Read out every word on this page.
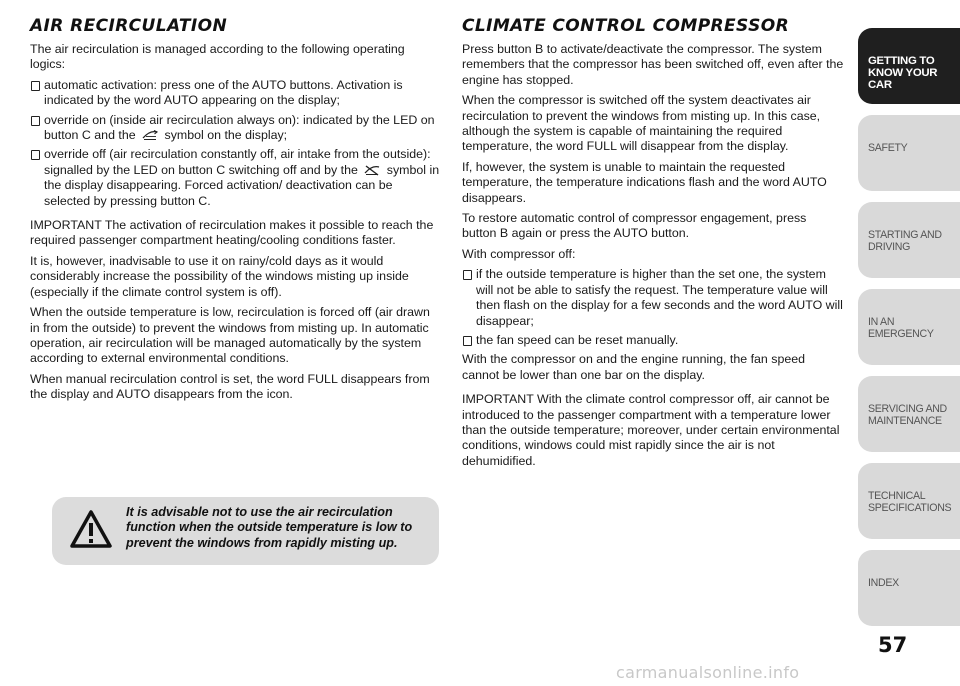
AIR RECIRCULATION

The air recirculation is managed according to the following operating logics:

automatic activation: press one of the AUTO buttons. Activation is indicated by the word AUTO appearing on the display;
override on (inside air recirculation always on): indicated by the LED on button C and the symbol on the display;
override off (air recirculation constantly off, air intake from the outside): signalled by the LED on button C switching off and by the symbol in the display disappearing. Forced activation/ deactivation can be selected by pressing button C.

IMPORTANT The activation of recirculation makes it possible to reach the required passenger compartment heating/cooling conditions faster.

It is, however, inadvisable to use it on rainy/cold days as it would considerably increase the possibility of the windows misting up inside (especially if the climate control system is off).

When the outside temperature is low, recirculation is forced off (air drawn in from the outside) to prevent the windows from misting up. In automatic operation, air recirculation will be managed automatically by the system according to external environmental conditions.

When manual recirculation control is set, the word FULL disappears from the display and AUTO disappears from the icon.

It is advisable not to use the air recirculation function when the outside temperature is low to prevent the windows from rapidly misting up.
CLIMATE CONTROL COMPRESSOR

Press button B to activate/deactivate the compressor. The system remembers that the compressor has been switched off, even after the engine has stopped.

When the compressor is switched off the system deactivates air recirculation to prevent the windows from misting up. In this case, although the system is capable of maintaining the required temperature, the word FULL will disappear from the display.

If, however, the system is unable to maintain the requested temperature, the temperature indications flash and the word AUTO disappears.

To restore automatic control of compressor engagement, press button B again or press the AUTO button.

With compressor off:

if the outside temperature is higher than the set one, the system will not be able to satisfy the request. The temperature value will then flash on the display for a few seconds and the word AUTO will disappear;
the fan speed can be reset manually.

With the compressor on and the engine running, the fan speed cannot be lower than one bar on the display.

IMPORTANT With the climate control compressor off, air cannot be introduced to the passenger compartment with a temperature lower than the outside temperature; moreover, under certain environmental conditions, windows could mist rapidly since the air is not dehumidified.

GETTING TO KNOW YOUR CAR
SAFETY
STARTING AND DRIVING
IN AN EMERGENCY
SERVICING AND MAINTENANCE
TECHNICAL SPECIFICATIONS
INDEX
57
carmanualsonline.info
